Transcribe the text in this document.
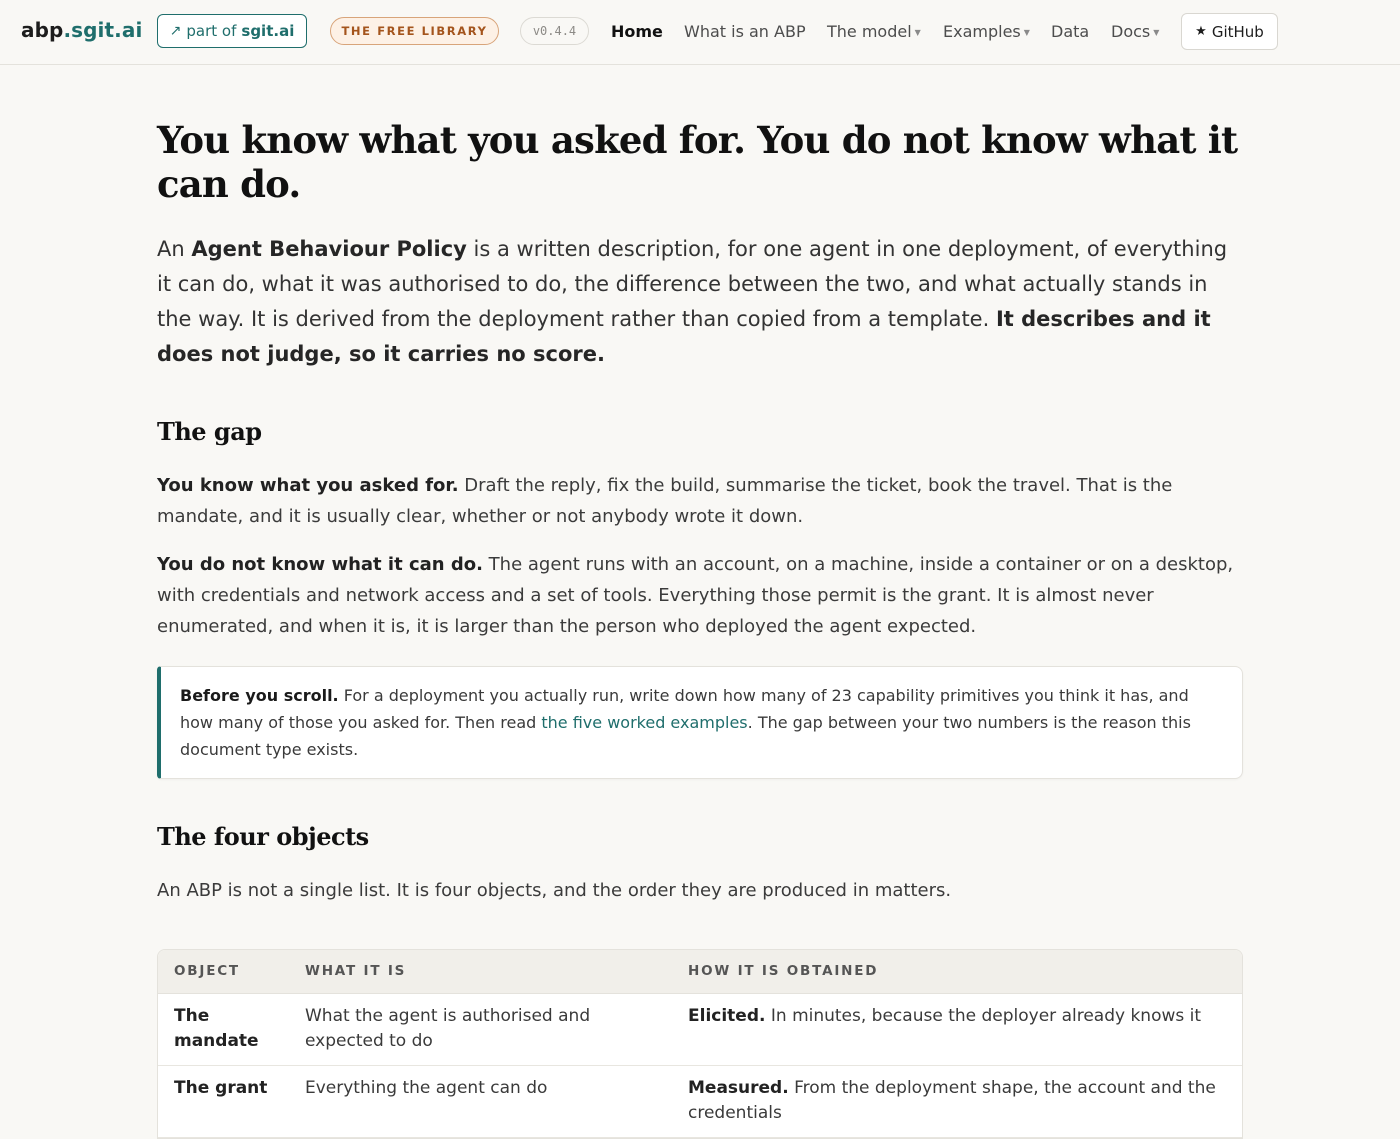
abp.sgit.ai ↗ part of sgit.ai	THE FREE LIBRARY	v0.4.4	Home What is an ABP The model ▼ Examples ▼ Data Docs ▼	★ GitHub
You know what you asked for. You do not know what it can do.

An Agent Behaviour Policy is a written description, for one agent in one deployment, of everything it can do, what it was authorised to do, the difference between the two, and what actually stands in the way. It is derived from the deployment rather than copied from a template. It describes and it does not judge, so it carries no score.

The gap

You know what you asked for. Draft the reply, fix the build, summarise the ticket, book the travel. That is the mandate, and it is usually clear, whether or not anybody wrote it down.

You do not know what it can do. The agent runs with an account, on a machine, inside a container or on a desktop, with credentials and network access and a set of tools. Everything those permit is the grant. It is almost never enumerated, and when it is, it is larger than the person who deployed the agent expected.

Before you scroll. For a deployment you actually run, write down how many of 23 capability primitives you think it has, and how many of those you asked for. Then read the five worked examples. The gap between your two numbers is the reason this document type exists.
The four objects

An ABP is not a single list. It is four objects, and the order they are produced in matters.

OBJECT	WHAT IT IS	HOW IT IS OBTAINED
The mandate	What the agent is authorised and expected to do	Elicited. In minutes, because the deployer already knows it
The grant	Everything the agent can do	Measured. From the deployment shape, the account and the credentials
